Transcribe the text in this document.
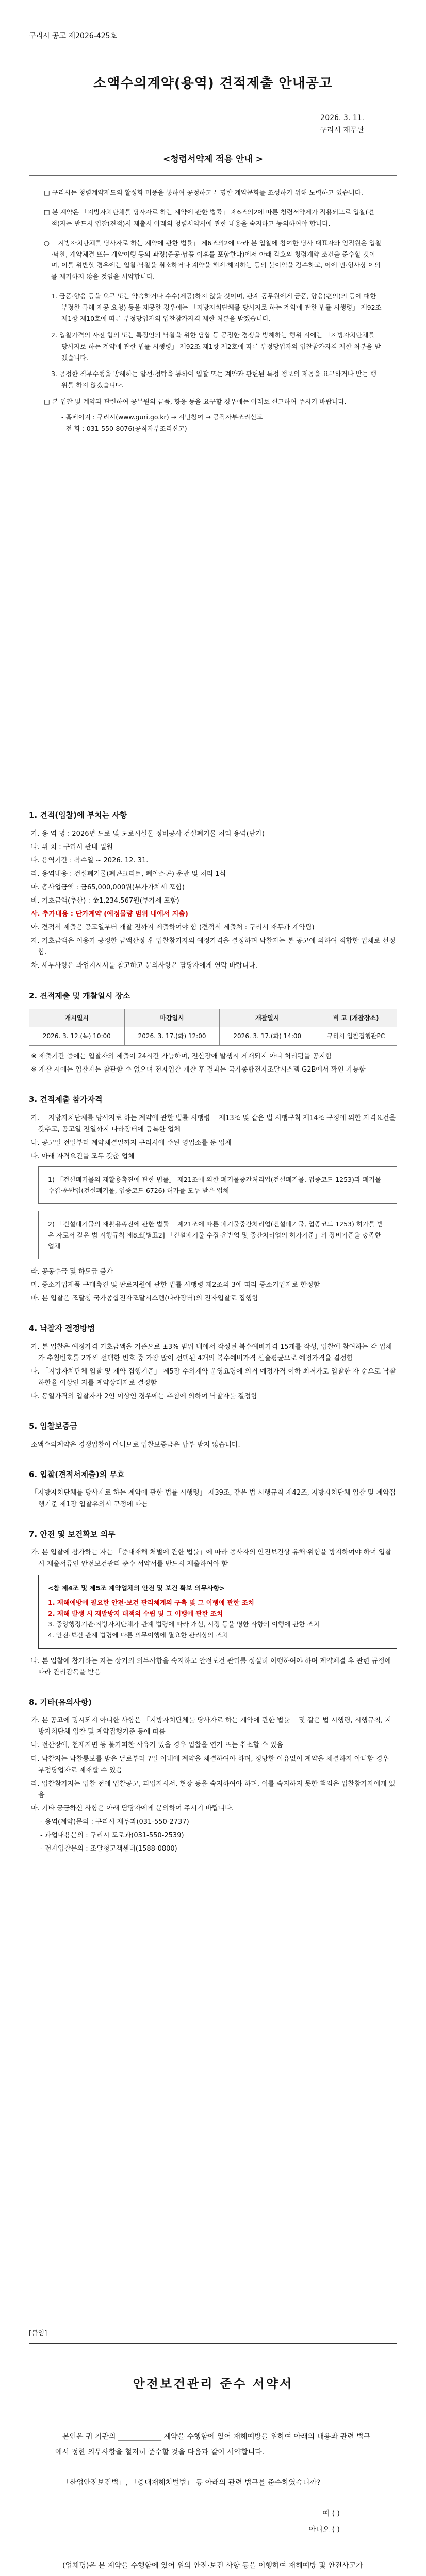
구리시 공고 제2026-425호
소액수의계약(용역) 견적제출 안내공고
2026. 3. 11.
구리시 재무관
<청렴서약제 적용 안내 >

□ 구리시는 청렴계약제도의 활성화 미풍을 통하여 공정하고 투명한 계약문화를 조성하기 위해 노력하고 있습니다.

□ 본 계약은 「지방자치단체를 당사자로 하는 계약에 관한 법률」 제6조의2에 따른 청렴서약제가 적용되므로 입찰(견적)자는 반드시 입찰(견적)서 제출시 아래의 청렴서약서에 관한 내용을 숙지하고 동의하여야 합니다.

○ 「지방자치단체를 당사자로 하는 계약에 관한 법률」 제6조의2에 따라 본 입찰에 참여한 당사 대표자와 임직원은 입찰·낙찰, 계약체결 또는 계약이행 등의 과정(준공·납품 이후를 포함한다)에서 아래 각호의 청렴계약 조건을 준수할 것이며, 이를 위반할 경우에는 입찰·낙찰을 취소하거나 계약을 해제·해지하는 등의 불이익을 감수하고, 이에 민·형사상 이의를 제기하지 않을 것임을 서약합니다.

1. 금품·향응 등을 요구 또는 약속하거나 수수(제공)하지 않을 것이며, 관계 공무원에게 금품, 향응(편의)의 등에 대한 부정한 특혜 제공 요청) 등을 제공한 경우에는 「지방자치단체를 당사자로 하는 계약에 관한 법률 시행령」 제92조 제1항 제10호에 따른 부정당업자의 입찰참가자격 제한 처분을 받겠습니다.

2. 입찰가격의 사전 협의 또는 특정인의 낙찰을 위한 담합 등 공정한 경쟁을 방해하는 행위 시에는 「지방자치단체를 당사자로 하는 계약에 관한 법률 시행령」 제92조 제1항 제2호에 따른 부정당업자의 입찰참가자격 제한 처분을 받겠습니다.

3. 공정한 직무수행을 방해하는 알선·청탁을 통하여 입찰 또는 계약과 관련된 특정 정보의 제공을 요구하거나 받는 행위를 하지 않겠습니다.

□ 본 입찰 및 계약과 관련하여 공무원의 금품, 향응 등을 요구할 경우에는 아래로 신고하여 주시기 바랍니다.

- 홈페이지 : 구리시(www.guri.go.kr) → 시민참여 → 공직자부조리신고
- 전 화 : 031-550-8076(공직자부조리신고)
1. 견적(입찰)에 부치는 사항
가. 용 역 명 : 2026년 도로 및 도로시설물 정비공사 건설폐기물 처리 용역(단가)
나. 위 치 : 구리시 관내 일원
다. 용역기간 : 착수일 ~ 2026. 12. 31.
라. 용역내용 : 건설폐기물(폐콘크리트, 폐아스콘) 운반 및 처리 1식
마. 총사업금액 : 금65,000,000원(부가가치세 포함)
바. 기초금액(추산) : 金1,234,567원(부가세 포함)
사. 추가내용 : 단가계약 (예정물량 범위 내에서 지출)
아. 견적서 제출은 공고일부터 개찰 전까지 제출하여야 함 (견적서 제출처 : 구리시 재무과 계약팀)
자. 기초금액은 이용가 공정한 금액산정 후 입찰참가자의 예정가격을 결정하며 낙찰자는 본 공고에 의하여 적합한 업체로 선정함.
차. 세부사항은 과업지시서를 참고하고 문의사항은 담당자에게 연락 바랍니다.
2. 견적제출 및 개찰일시 장소
개시일시	마감일시	개찰일시	비 고 (개찰장소)
2026. 3. 12.(목) 10:00	2026. 3. 17.(화) 12:00	2026. 3. 17.(화) 14:00	구리시 입찰집행관PC
※ 제출기간 중에는 입찰자의 제출이 24시간 가능하며, 전산장애 발생시 게재되지 아니 처리됨을 공지함
※ 개찰 시에는 입찰자는 참관할 수 없으며 전자입찰 개찰 후 결과는 국가종합전자조달시스템 G2B에서 확인 가능함
3. 견적제출 참가자격
가. 「지방자치단체를 당사자로 하는 계약에 관한 법률 시행령」 제13조 및 같은 법 시행규칙 제14조 규정에 의한 자격요건을 갖추고, 공고일 전일까지 나라장터에 등록한 업체
나. 공고일 전일부터 계약체결일까지 구리시에 주된 영업소를 둔 업체
다. 아래 자격요건을 모두 갖춘 업체
1) 「건설폐기물의 재활용촉진에 관한 법률」 제21조에 의한 폐기물중간처리업(건설폐기물, 업종코드 1253)과 폐기물 수집·운반업(건설폐기물, 업종코드 6726) 허가를 모두 받은 업체
2) 「건설폐기물의 재활용촉진에 관한 법률」 제21조에 따른 폐기물중간처리업(건설폐기물, 업종코드 1253) 허가를 받은 자로서 같은 법 시행규칙 제8조[별표2] 「건설폐기물 수집·운반업 및 중간처리업의 허가기준」의 장비기준을 충족한 업체
라. 공동수급 및 하도급 불가
마. 중소기업제품 구매촉진 및 판로지원에 관한 법률 시행령 제2조의 3에 따라 중소기업자로 한정함
바. 본 입찰은 조달청 국가종합전자조달시스템(나라장터)의 전자입찰로 집행함
4. 낙찰자 결정방법
가. 본 입찰은 예정가격 기초금액을 기준으로 ±3% 범위 내에서 작성된 복수예비가격 15개를 작성, 입찰에 참여하는 각 업체가 추첨번호를 2개씩 선택한 번호 중 가장 많이 선택된 4개의 복수예비가격 산술평균으로 예정가격을 결정함
나. 「지방자치단체 입찰 및 계약 집행기준」 제5장 수의계약 운영요령에 의거 예정가격 이하 최저가로 입찰한 자 순으로 낙찰하한율 이상인 자를 계약상대자로 결정함
다. 동일가격의 입찰자가 2인 이상인 경우에는 추첨에 의하여 낙찰자를 결정함
5. 입찰보증금
소액수의계약은 경쟁입찰이 아니므로 입찰보증금은 납부 받지 않습니다.
6. 입찰(견적서제출)의 무효
「지방자치단체를 당사자로 하는 계약에 관한 법률 시행령」 제39조, 같은 법 시행규칙 제42조, 지방자치단체 입찰 및 계약집행기준 제1장 입찰유의서 규정에 따름
7. 안전 및 보건확보 의무
가. 본 입찰에 참가하는 자는 「중대재해 처벌에 관한 법률」에 따라 종사자의 안전보건상 유해·위험을 방지하여야 하며 입찰 시 제출서류인 안전보건관리 준수 서약서를 반드시 제출하여야 함
<참 제4조 및 제5조 계약업체의 안전 및 보건 확보 의무사항>
1. 재해예방에 필요한 안전·보건 관리체계의 구축 및 그 이행에 관한 조치
2. 재해 발생 시 재발방지 대책의 수립 및 그 이행에 관한 조치
3. 중앙행정기관·지방자치단체가 관계 법령에 따라 개선, 시정 등을 명한 사항의 이행에 관한 조치
4. 안전·보건 관계 법령에 따른 의무이행에 필요한 관리상의 조치
나. 본 입찰에 참가하는 자는 상기의 의무사항을 숙지하고 안전보건 관리를 성실히 이행하여야 하며 계약체결 후 관련 규정에 따라 관리감독을 받음
8. 기타(유의사항)
가. 본 공고에 명시되지 아니한 사항은 「지방자치단체를 당사자로 하는 계약에 관한 법률」 및 같은 법 시행령, 시행규칙, 지방자치단체 입찰 및 계약집행기준 등에 따름
나. 전산장애, 천재지변 등 불가피한 사유가 있을 경우 입찰을 연기 또는 취소할 수 있음
다. 낙찰자는 낙찰통보를 받은 날로부터 7일 이내에 계약을 체결하여야 하며, 정당한 이유없이 계약을 체결하지 아니할 경우 부정당업자로 제재할 수 있음
라. 입찰참가자는 입찰 전에 입찰공고, 과업지시서, 현장 등을 숙지하여야 하며, 이를 숙지하지 못한 책임은 입찰참가자에게 있음
마. 기타 궁금하신 사항은 아래 담당자에게 문의하여 주시기 바랍니다.
- 용역(계약)문의 : 구리시 재무과(031-550-2737)
- 과업내용문의 : 구리시 도로과(031-550-2539)
- 전자입찰문의 : 조달청고객센터(1588-0800)
[붙임]
안전보건관리 준수 서약서

본인은 귀 기관의 ____________ 계약을 수행함에 있어 재해예방을 위하여 아래의 내용과 관련 법규에서 정한 의무사항을 철저히 준수할 것을 다음과 같이 서약합니다.

「산업안전보건법」, 「중대재해처벌법」 등 아래의 관련 법규를 준수하였습니까?

예 ( )
아니오 ( )

(업체명)은 본 계약을 수행함에 있어 위의 안전·보건 사항 등을 이행하여 재해예방 및 안전사고가
